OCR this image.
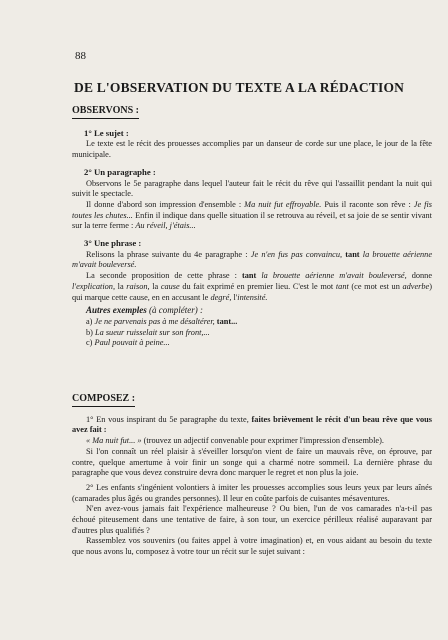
88
DE L'OBSERVATION DU TEXTE A LA RÉDACTION
OBSERVONS :
1° Le sujet :

Le texte est le récit des prouesses accomplies par un danseur de corde sur une place, le jour de la fête municipale.

2° Un paragraphe :

Observons le 5e paragraphe dans lequel l'auteur fait le récit du rêve qui l'assaillit pendant la nuit qui suivit le spectacle.

Il donne d'abord son impression d'ensemble : Ma nuit fut effroyable. Puis il raconte son rêve : Je fis toutes les chutes... Enfin il indique dans quelle situation il se retrouva au réveil, et sa joie de se sentir vivant sur la terre ferme : Au réveil, j'étais...

3° Une phrase :

Relisons la phrase suivante du 4e paragraphe : Je n'en fus pas convaincu, tant la brouette aérienne m'avait bouleversé.

La seconde proposition de cette phrase : tant la brouette aérienne m'avait bouleversé, donne l'explication, la raison, la cause du fait exprimé en premier lieu. C'est le mot tant (ce mot est un adverbe) qui marque cette cause, en en accusant le degré, l'intensité.

Autres exemples (à compléter) :
a) Je ne parvenais pas à me désaltérer, tant...
b) La sueur ruisselait sur son front,...
c) Paul pouvait à peine...
COMPOSEZ :

1° En vous inspirant du 5e paragraphe du texte, faites brièvement le récit d'un beau rêve que vous avez fait :

« Ma nuit fut... » (trouvez un adjectif convenable pour exprimer l'impression d'ensemble).

Si l'on connaît un réel plaisir à s'éveiller lorsqu'on vient de faire un mauvais rêve, on éprouve, par contre, quelque amertume à voir finir un songe qui a charmé notre sommeil. La dernière phrase du paragraphe que vous devez construire devra donc marquer le regret et non plus la joie.

2° Les enfants s'ingénient volontiers à imiter les prouesses accomplies sous leurs yeux par leurs aînés (camarades plus âgés ou grandes personnes). Il leur en coûte parfois de cuisantes mésaventures.

N'en avez-vous jamais fait l'expérience malheureuse ? Ou bien, l'un de vos camarades n'a-t-il pas échoué piteusement dans une tentative de faire, à son tour, un exercice périlleux réalisé auparavant par d'autres plus qualifiés ?

Rassemblez vos souvenirs (ou faites appel à votre imagination) et, en vous aidant au besoin du texte que nous avons lu, composez à votre tour un récit sur le sujet suivant :
